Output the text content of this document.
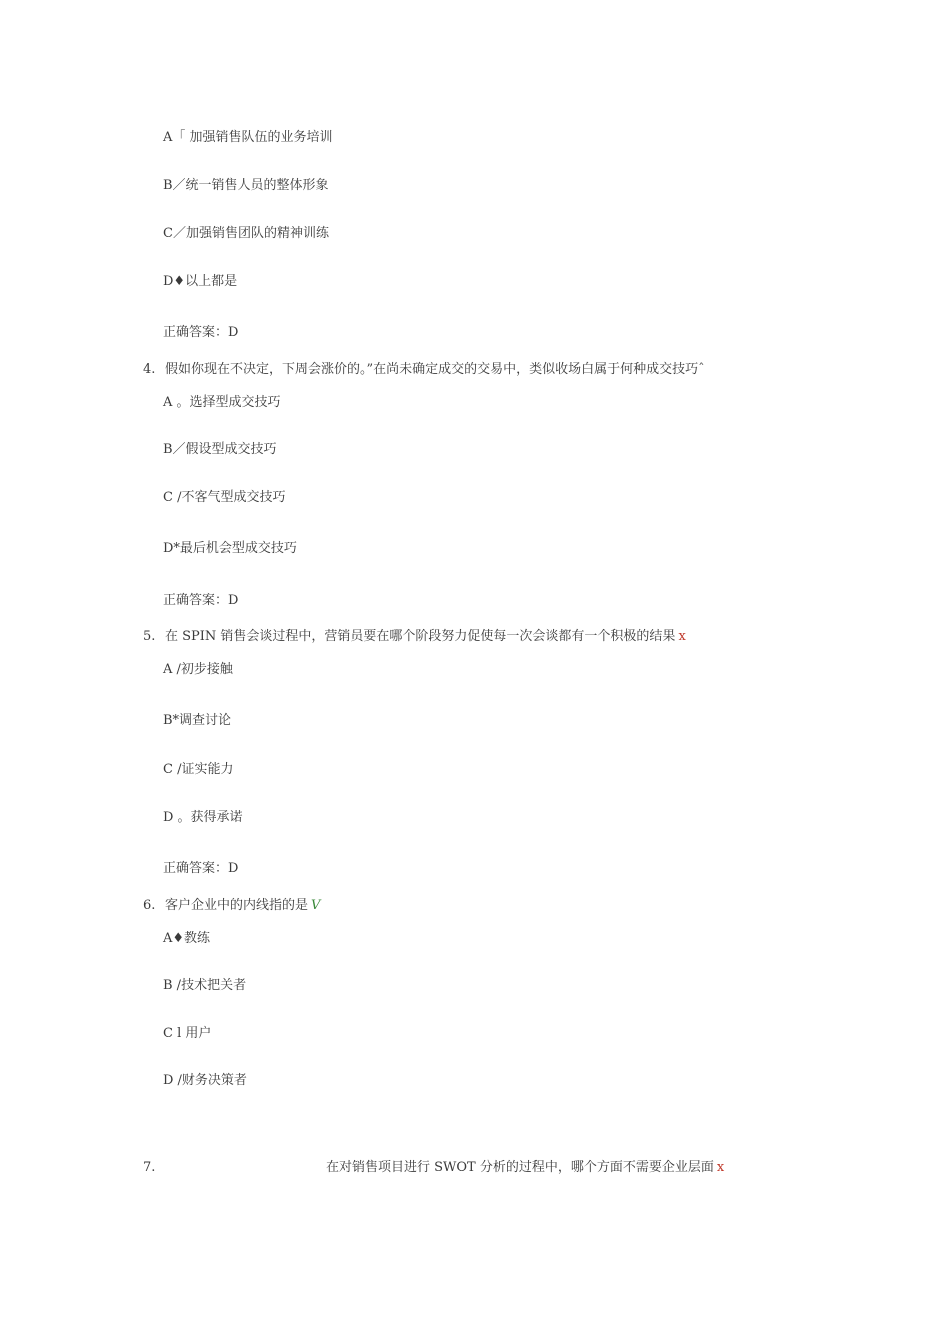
A「 加强销售队伍的业务培训
B／统一销售人员的整体形象
C／加强销售团队的精神训练
D♦以上都是
正确答案：D
4. 假如你现在不决定，下周会涨价的。”在尚未确定成交的交易中，类似收场白属于何种成交技巧ˆ
A 。选择型成交技巧
B／假设型成交技巧
C /不客气型成交技巧
D*最后机会型成交技巧
正确答案：D
5. 在 SPIN 销售会谈过程中，营销员要在哪个阶段努力促使每一次会谈都有一个积极的结果 x
A /初步接触
B*调查讨论
C /证实能力
D 。获得承诺
正确答案：D
6. 客户企业中的内线指的是 V
A♦教练
B /技术把关者
C l 用户
D /财务决策者
7.	在对销售项目进行 SWOT 分析的过程中，哪个方面不需要企业层面 x
